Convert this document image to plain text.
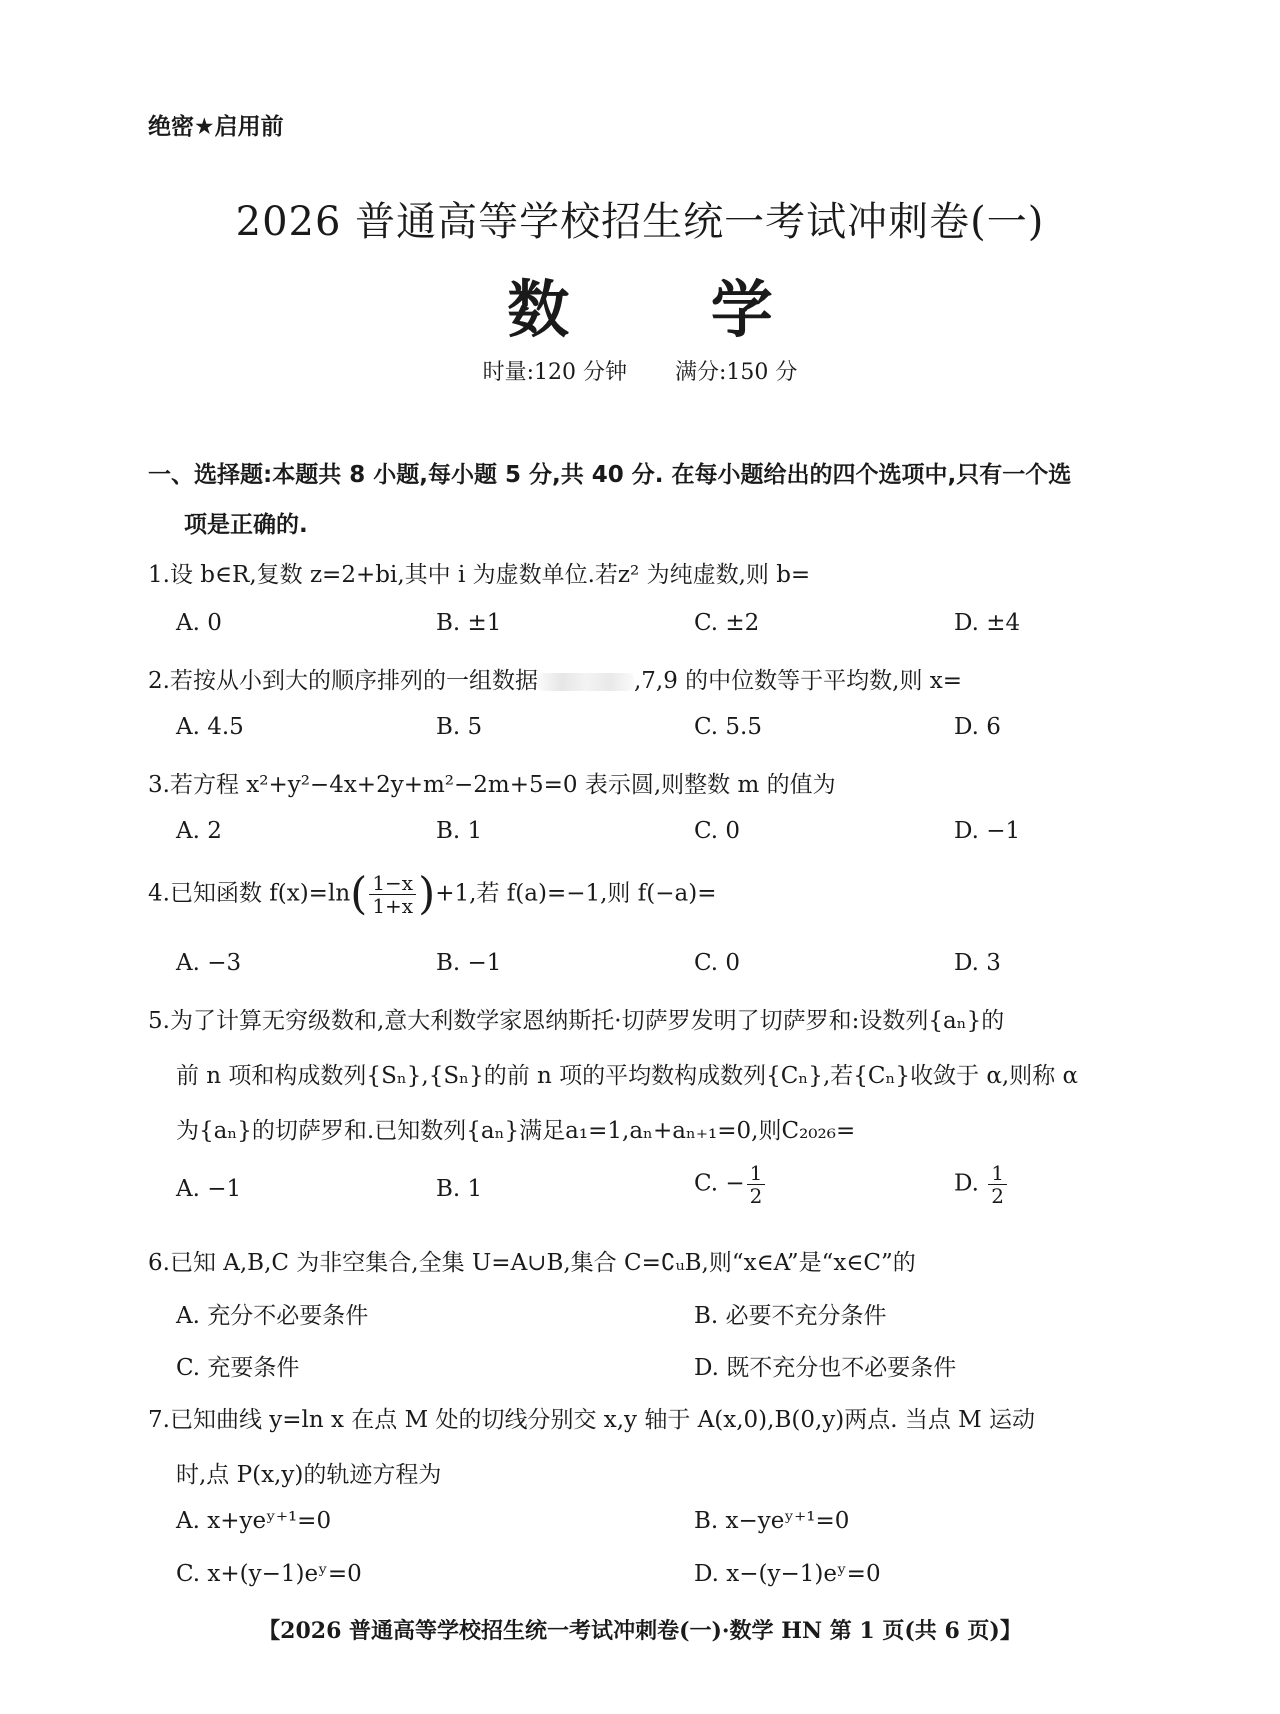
绝密★启用前
2026 普通高等学校招生统一考试冲刺卷(一)
数 学
时量:120 分钟 满分:150 分
一、选择题:本题共 8 小题,每小题 5 分,共 40 分. 在每小题给出的四个选项中,只有一个选
项是正确的.
1.设 b∈R,复数 z=2+bi,其中 i 为虚数单位.若z² 为纯虚数,则 b=
A. 0	B. ±1	C. ±2	D. ±4
2.若按从小到大的顺序排列的一组数据	,7,9 的中位数等于平均数,则 x=
A. 4.5	B. 5	C. 5.5	D. 6
3.若方程 x²+y²−4x+2y+m²−2m+5=0 表示圆,则整数 m 的值为
A. 2	B. 1	C. 0	D. −1
4.已知函数 $f(x)=\ln( \frac{1-x}{1+x} )+1$,若 f(a)=−1,则 f(−a)=
A. −3	B. −1	C. 0	D. 3
5.为了计算无穷级数和,意大利数学家恩纳斯托·切萨罗发明了切萨罗和:设数列{aₙ}的
前 n 项和构成数列{Sₙ},{Sₙ}的前 n 项的平均数构成数列{Cₙ},若{Cₙ}收敛于 α,则称 α
为{aₙ}的切萨罗和.已知数列{aₙ}满足a₁=1,aₙ+aₙ₊₁=0,则C₂₀₂₆=
A. −1	B. 1	C. − $\frac{1}{2}$	D. $\frac{1}{2}$
6.已知 A,B,C 为非空集合,全集 U=A∪B,集合 C=∁ᵤB,则“x∈A”是“x∈C”的
A. 充分不必要条件	B. 必要不充分条件
C. 充要条件	D. 既不充分也不必要条件
7.已知曲线 y=ln x 在点 M 处的切线分别交 x,y 轴于 A(x,0),B(0,y)两点. 当点 M 运动
时,点 P(x,y)的轨迹方程为
A. x+yeʸ⁺¹=0	B. x−yeʸ⁺¹=0
C. x+(y−1)eʸ=0	D. x−(y−1)eʸ=0
【2026 普通高等学校招生统一考试冲刺卷(一)·数学 HN 第 1 页(共 6 页)】
